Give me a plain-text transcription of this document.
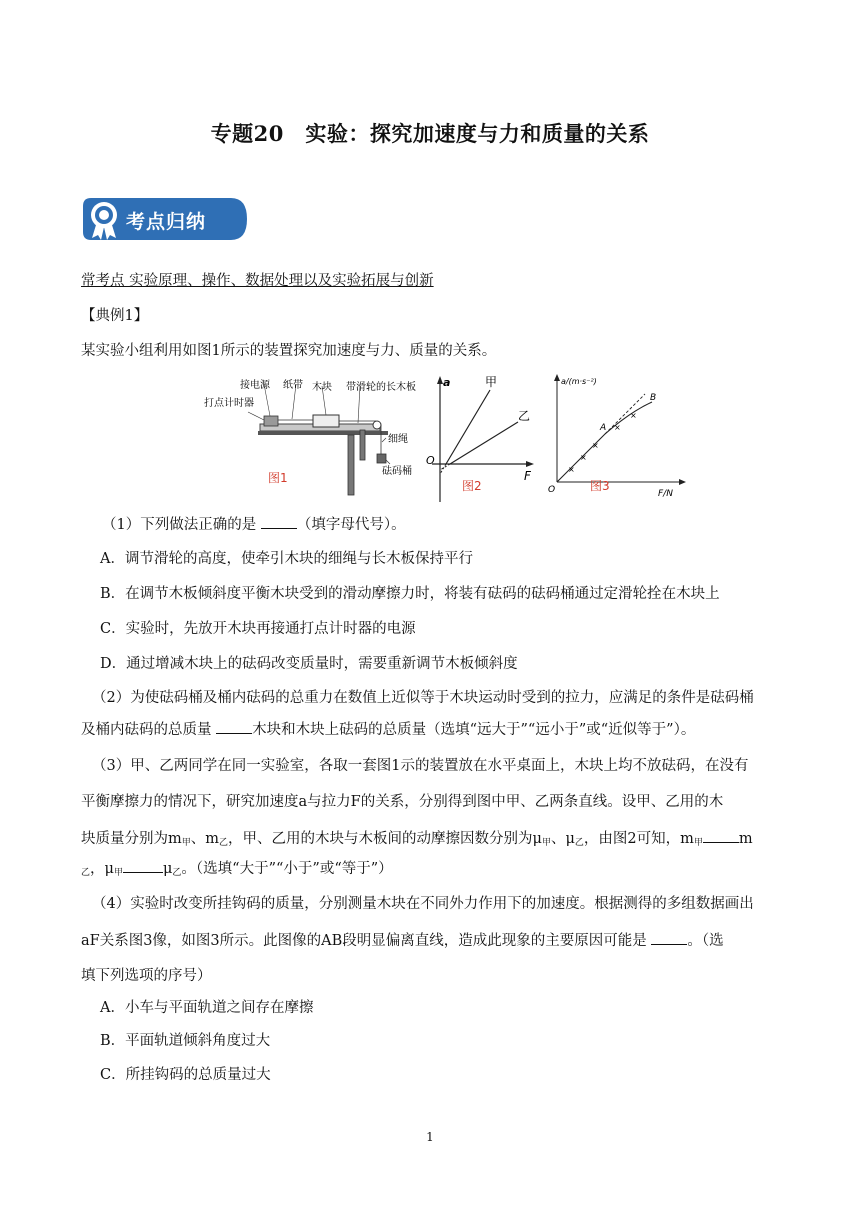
专题20　实验：探究加速度与力和质量的关系
考点归纳
常考点 实验原理、操作、数据处理以及实验拓展与创新
【典例1】
某实验小组利用如图1所示的装置探究加速度与力、质量的关系。
接电源 纸带 木块 带滑轮的长木板
打点计时器
细绳
砝码桶
图1
a
F
O
甲
乙
图2
×
×
×
×
×
a/(m·s⁻²)
F/N
O
A
B
图3
（1）下列做法正确的是 （填字母代号）。
A．调节滑轮的高度，使牵引木块的细绳与长木板保持平行
B．在调节木板倾斜度平衡木块受到的滑动摩擦力时，将装有砝码的砝码桶通过定滑轮拴在木块上
C．实验时，先放开木块再接通打点计时器的电源
D．通过增减木块上的砝码改变质量时，需要重新调节木板倾斜度
（2）为使砝码桶及桶内砝码的总重力在数值上近似等于木块运动时受到的拉力，应满足的条件是砝码桶
及桶内砝码的总质量 木块和木块上砝码的总质量（选填“远大于”“远小于”或“近似等于”）。
（3）甲、乙两同学在同一实验室，各取一套图1示的装置放在水平桌面上，木块上均不放砝码，在没有
平衡摩擦力的情况下，研究加速度a与拉力F的关系，分别得到图中甲、乙两条直线。设甲、乙用的木
块质量分别为$m_甲$、$m_乙$，甲、乙用的木块与木板间的动摩擦因数分别为$\mu_甲$、$\mu_乙$，由图2可知，$m_甲$ m
$_乙$，$\mu_甲$	$\mu_乙$。（选填“大于”“小于”或“等于”）
（4）实验时改变所挂钩码的质量，分别测量木块在不同外力作用下的加速度。根据测得的多组数据画出
aF关系图3像，如图3所示。此图像的AB段明显偏离直线，造成此现象的主要原因可能是 。（选
填下列选项的序号）
A．小车与平面轨道之间存在摩擦
B．平面轨道倾斜角度过大
C．所挂钩码的总质量过大
1
